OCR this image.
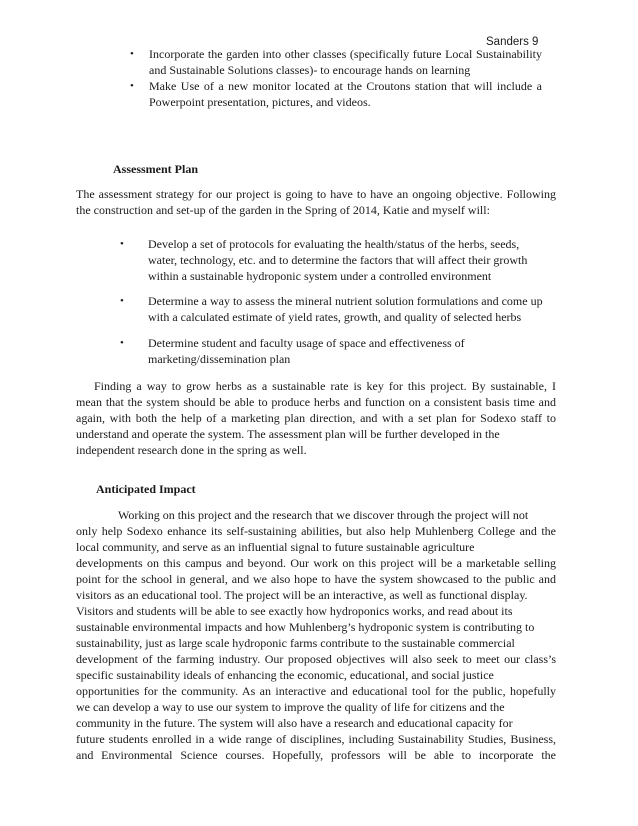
Sanders 9
• Incorporate the garden into other classes (specifically future Local Sustainability
and Sustainable Solutions classes)- to encourage hands on learning
• Make Use of a new monitor located at the Croutons station that will include a
Powerpoint presentation, pictures, and videos.
Assessment Plan
The assessment strategy for our project is going to have to have an ongoing objective. Following
the construction and set-up of the garden in the Spring of 2014, Katie and myself will:
• Develop a set of protocols for evaluating the health/status of the herbs, seeds,
water, technology, etc. and to determine the factors that will affect their growth
within a sustainable hydroponic system under a controlled environment
• Determine a way to assess the mineral nutrient solution formulations and come up
with a calculated estimate of yield rates, growth, and quality of selected herbs
• Determine student and faculty usage of space and effectiveness of
marketing/dissemination plan
Finding a way to grow herbs as a sustainable rate is key for this project. By sustainable, I
mean that the system should be able to produce herbs and function on a consistent basis time and
again, with both the help of a marketing plan direction, and with a set plan for Sodexo staff to
understand and operate the system. The assessment plan will be further developed in the
independent research done in the spring as well.
Anticipated Impact
Working on this project and the research that we discover through the project will not
only help Sodexo enhance its self-sustaining abilities, but also help Muhlenberg College and the
local community, and serve as an influential signal to future sustainable agriculture
developments on this campus and beyond. Our work on this project will be a marketable selling
point for the school in general, and we also hope to have the system showcased to the public and
visitors as an educational tool. The project will be an interactive, as well as functional display.
Visitors and students will be able to see exactly how hydroponics works, and read about its
sustainable environmental impacts and how Muhlenberg’s hydroponic system is contributing to
sustainability, just as large scale hydroponic farms contribute to the sustainable commercial
development of the farming industry. Our proposed objectives will also seek to meet our class’s
specific sustainability ideals of enhancing the economic, educational, and social justice
opportunities for the community. As an interactive and educational tool for the public, hopefully
we can develop a way to use our system to improve the quality of life for citizens and the
community in the future. The system will also have a research and educational capacity for
future students enrolled in a wide range of disciplines, including Sustainability Studies, Business,
and Environmental Science courses. Hopefully, professors will be able to incorporate the
